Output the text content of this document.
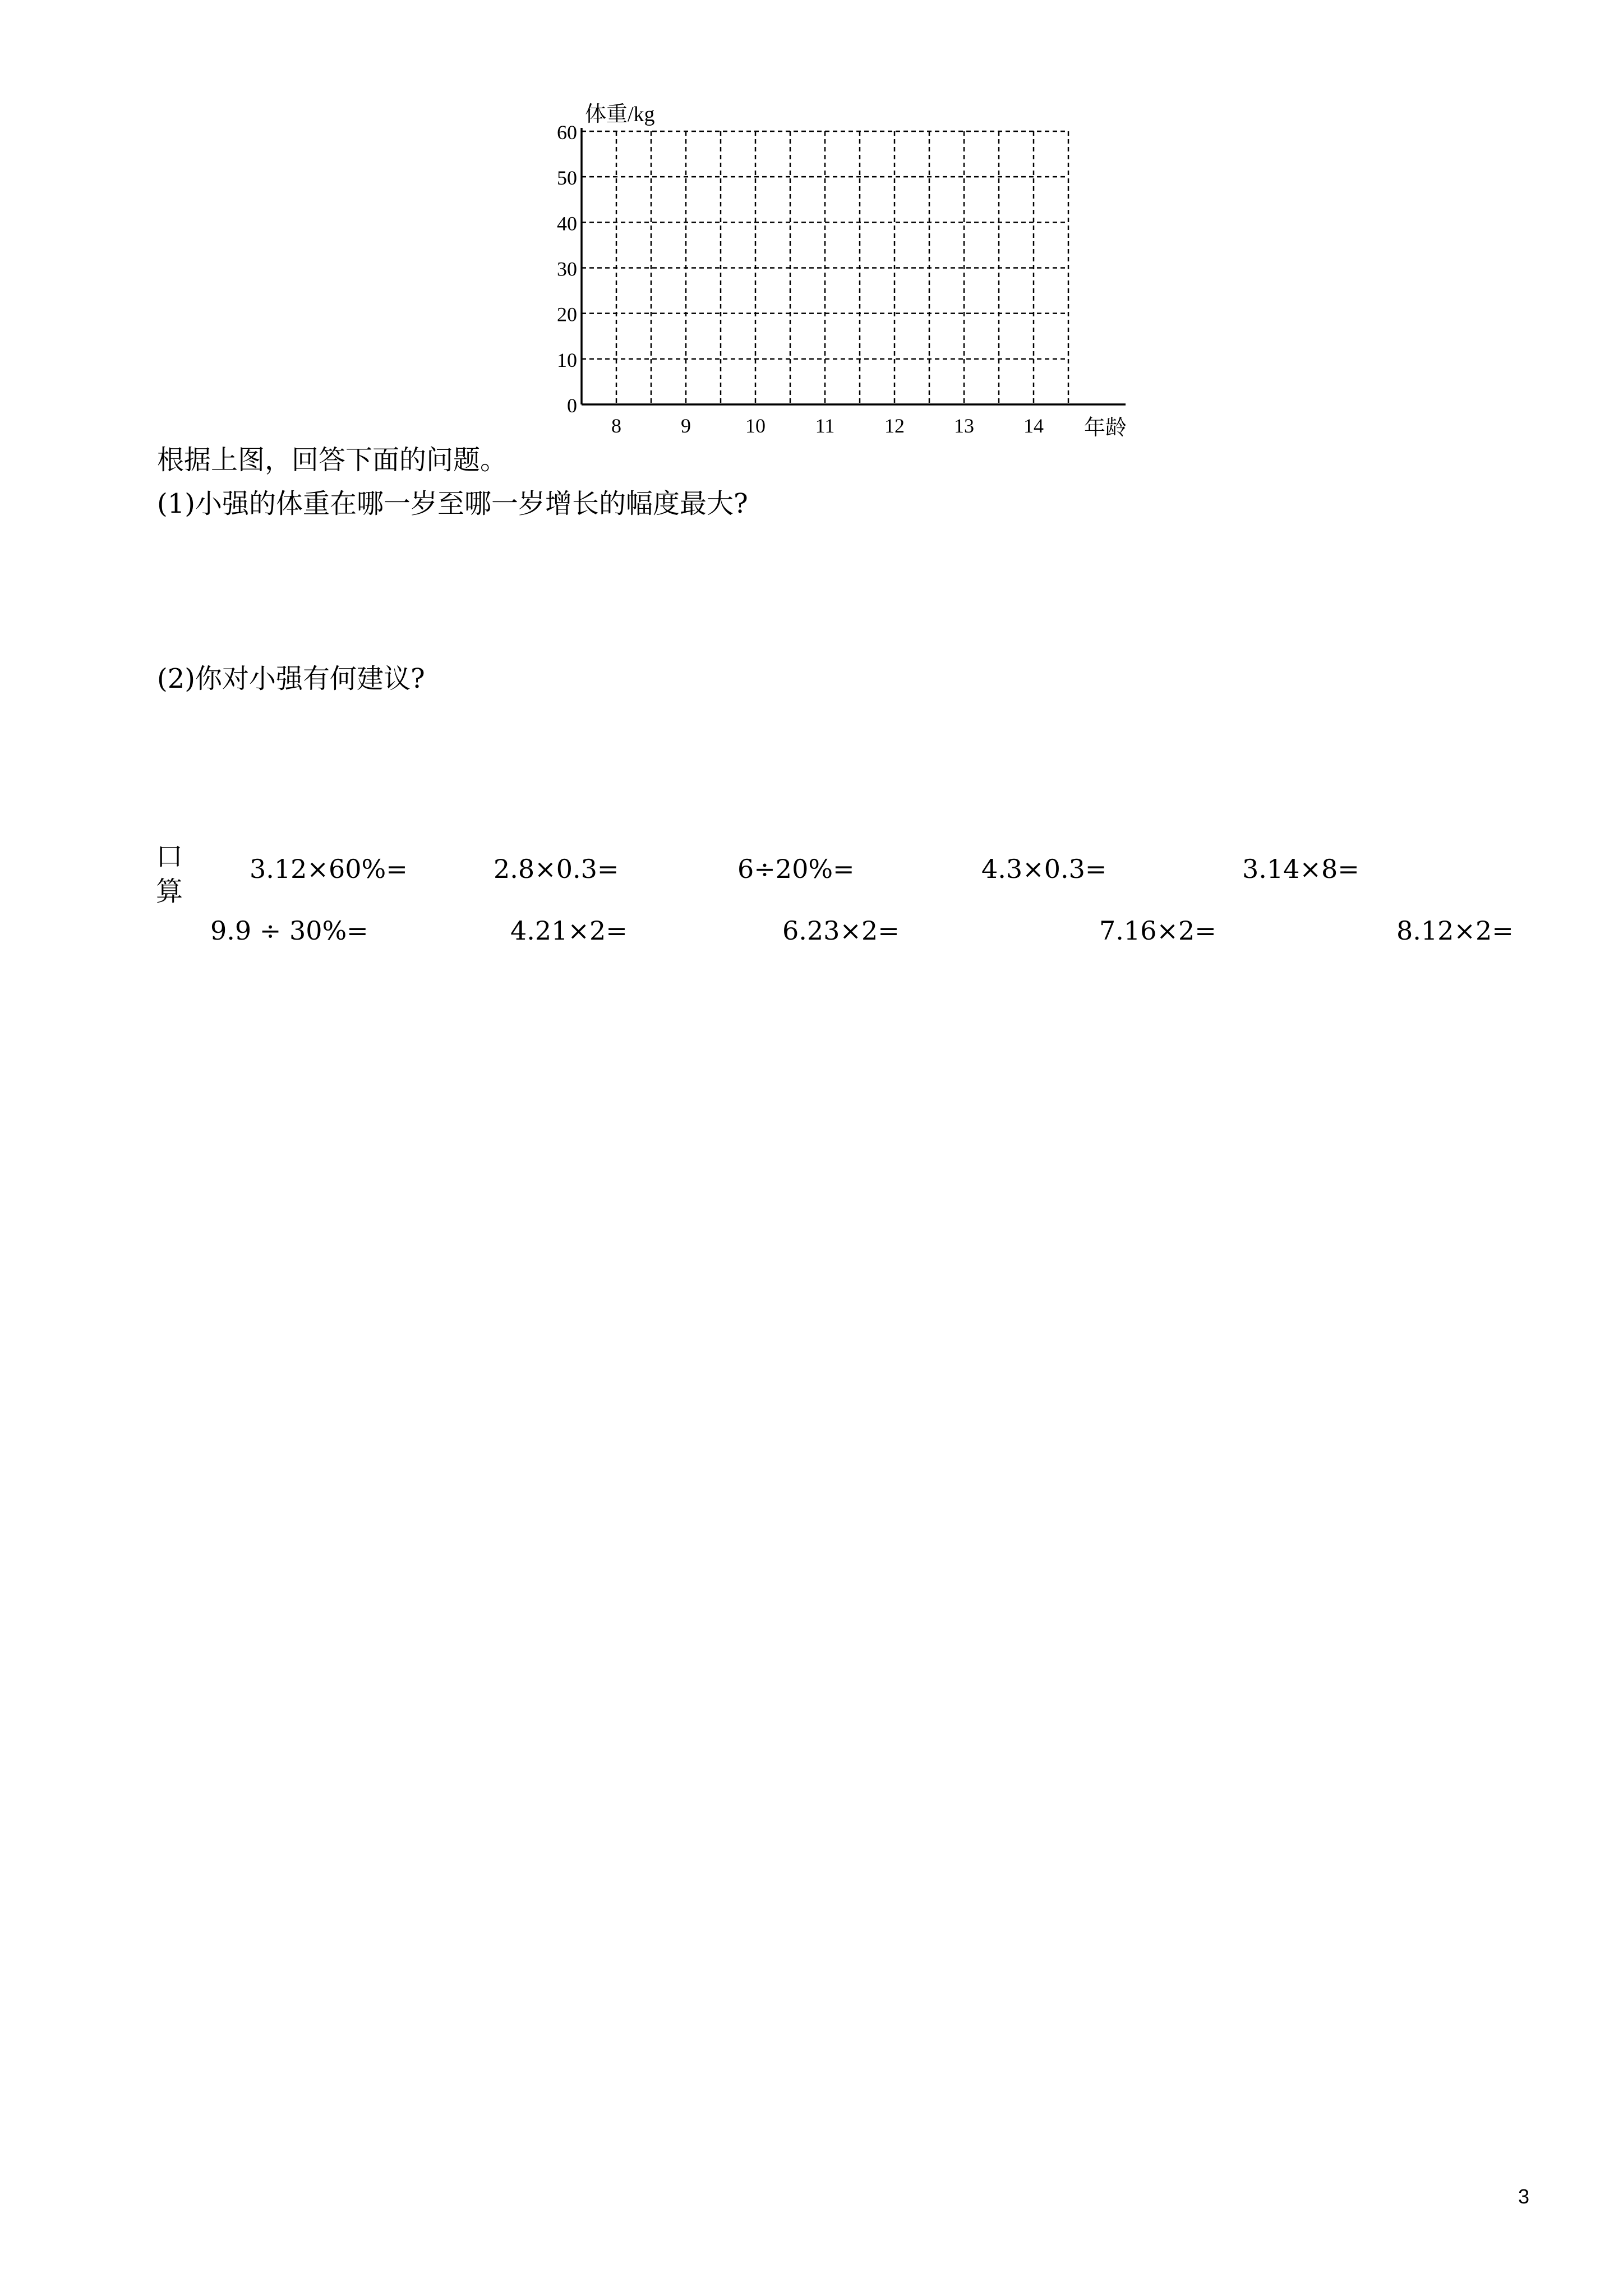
0
10
20
30
40
50
60
8	9	10 11 12 13 14
体重/kg
年龄
根据上图，回答下面的问题。
(1)小强的体重在哪一岁至哪一岁增长的幅度最大?
(2)你对小强有何建议?
口
算
3.12×60%=	2.8×0.3=	6÷20%=	4.3×0.3=	3.14×8=
9.9 ÷ 30%=	4.21×2=	6.23×2=	7.16×2=	8.12×2=
3
